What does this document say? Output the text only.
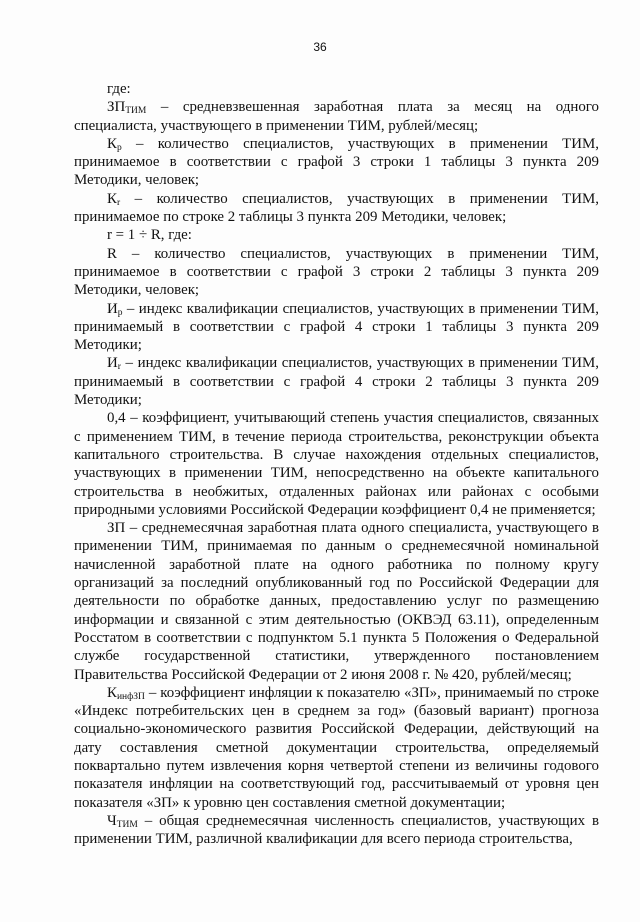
36

где:

$ЗП_{ТИМ}$ – средневзвешенная заработная плата за месяц на одного специалиста, участвующего в применении ТИМ, рублей/месяц;

$К_р$ – количество специалистов, участвующих в применении ТИМ, принимаемое в соответствии с графой 3 строки 1 таблицы 3 пункта 209 Методики, человек;

$К_r$ – количество специалистов, участвующих в применении ТИМ, принимаемое по строке 2 таблицы 3 пункта 209 Методики, человек;

r = 1 ÷ R, где:

R – количество специалистов, участвующих в применении ТИМ, принимаемое в соответствии с графой 3 строки 2 таблицы 3 пункта 209 Методики, человек;

$И_р$ – индекс квалификации специалистов, участвующих в применении ТИМ, принимаемый в соответствии с графой 4 строки 1 таблицы 3 пункта 209 Методики;

$И_r$ – индекс квалификации специалистов, участвующих в применении ТИМ, принимаемый в соответствии с графой 4 строки 2 таблицы 3 пункта 209 Методики;

0,4 – коэффициент, учитывающий степень участия специалистов, связанных с применением ТИМ, в течение периода строительства, реконструкции объекта капитального строительства. В случае нахождения отдельных специалистов, участвующих в применении ТИМ, непосредственно на объекте капитального строительства в необжитых, отдаленных районах или районах с особыми природными условиями Российской Федерации коэффициент 0,4 не применяется;

ЗП – среднемесячная заработная плата одного специалиста, участвующего в применении ТИМ, принимаемая по данным о среднемесячной номинальной начисленной заработной плате на одного работника по полному кругу организаций за последний опубликованный год по Российской Федерации для деятельности по обработке данных, предоставлению услуг по размещению информации и связанной с этим деятельностью (ОКВЭД 63.11), определенным Росстатом в соответствии с подпунктом 5.1 пункта 5 Положения о Федеральной службе государственной статистики, утвержденного постановлением Правительства Российской Федерации от 2 июня 2008 г. № 420, рублей/месяц;

$К_{инфЗП}$ – коэффициент инфляции к показателю «ЗП», принимаемый по строке «Индекс потребительских цен в среднем за год» (базовый вариант) прогноза социально-экономического развития Российской Федерации, действующий на дату составления сметной документации строительства, определяемый поквартально путем извлечения корня четвертой степени из величины годового показателя инфляции на соответствующий год, рассчитываемый от уровня цен показателя «ЗП» к уровню цен составления сметной документации;

$Ч_{ТИМ}$ – общая среднемесячная численность специалистов, участвующих в применении ТИМ, различной квалификации для всего периода строительства,
